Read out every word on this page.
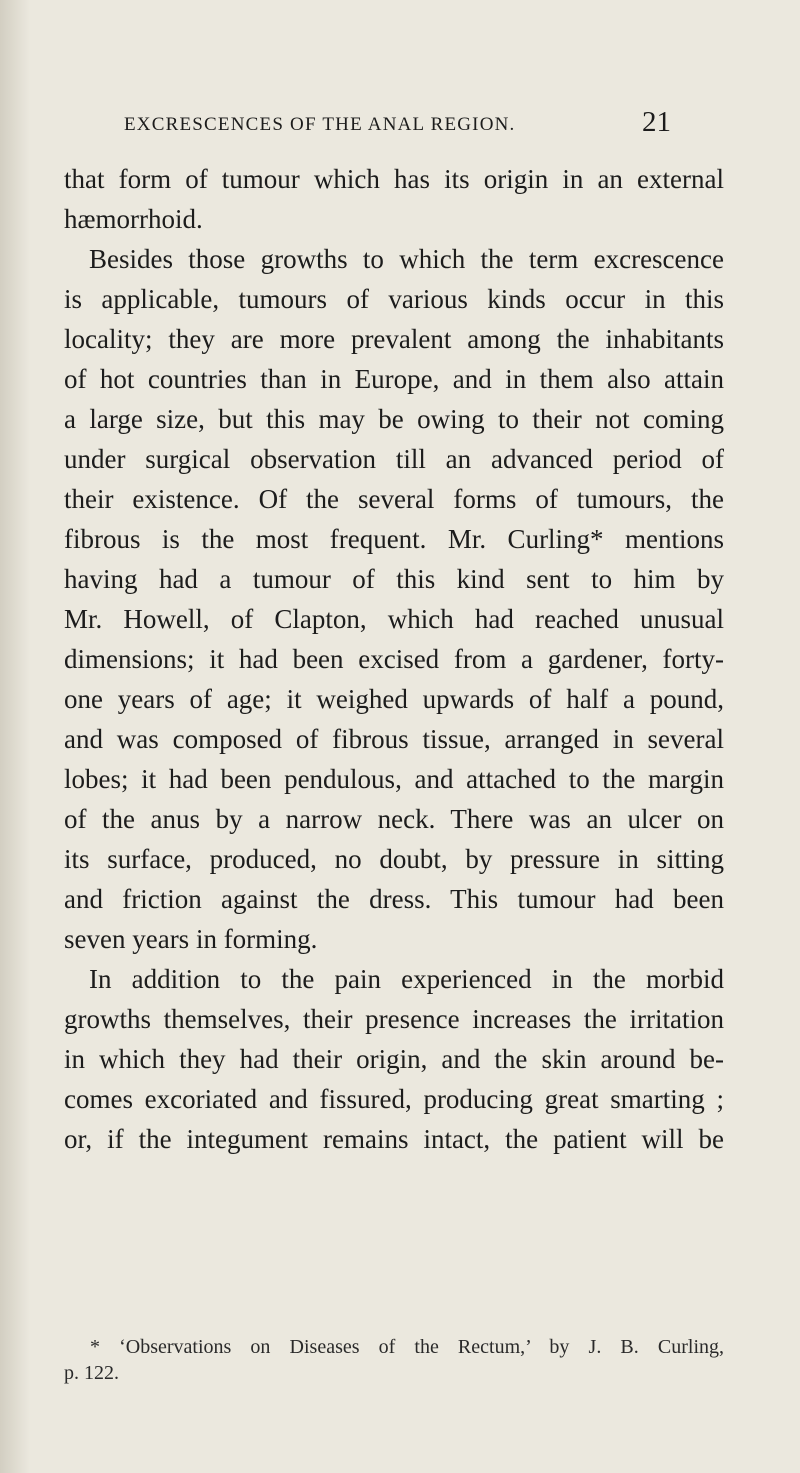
EXCRESCENCES OF THE ANAL REGION.	21
that form of tumour which has its origin in an external
hæmorrhoid.
Besides those growths to which the term excrescence
is applicable, tumours of various kinds occur in this
locality; they are more prevalent among the inhabitants
of hot countries than in Europe, and in them also attain
a large size, but this may be owing to their not coming
under surgical observation till an advanced period of
their existence. Of the several forms of tumours, the
fibrous is the most frequent. Mr. Curling* mentions
having had a tumour of this kind sent to him by
Mr. Howell, of Clapton, which had reached unusual
dimensions; it had been excised from a gardener, forty-
one years of age; it weighed upwards of half a pound,
and was composed of fibrous tissue, arranged in several
lobes; it had been pendulous, and attached to the margin
of the anus by a narrow neck. There was an ulcer on
its surface, produced, no doubt, by pressure in sitting
and friction against the dress. This tumour had been
seven years in forming.
In addition to the pain experienced in the morbid
growths themselves, their presence increases the irritation
in which they had their origin, and the skin around be-
comes excoriated and fissured, producing great smarting ;
or, if the integument remains intact, the patient will be
* ‘Observations on Diseases of the Rectum,’ by J. B. Curling,
p. 122.
